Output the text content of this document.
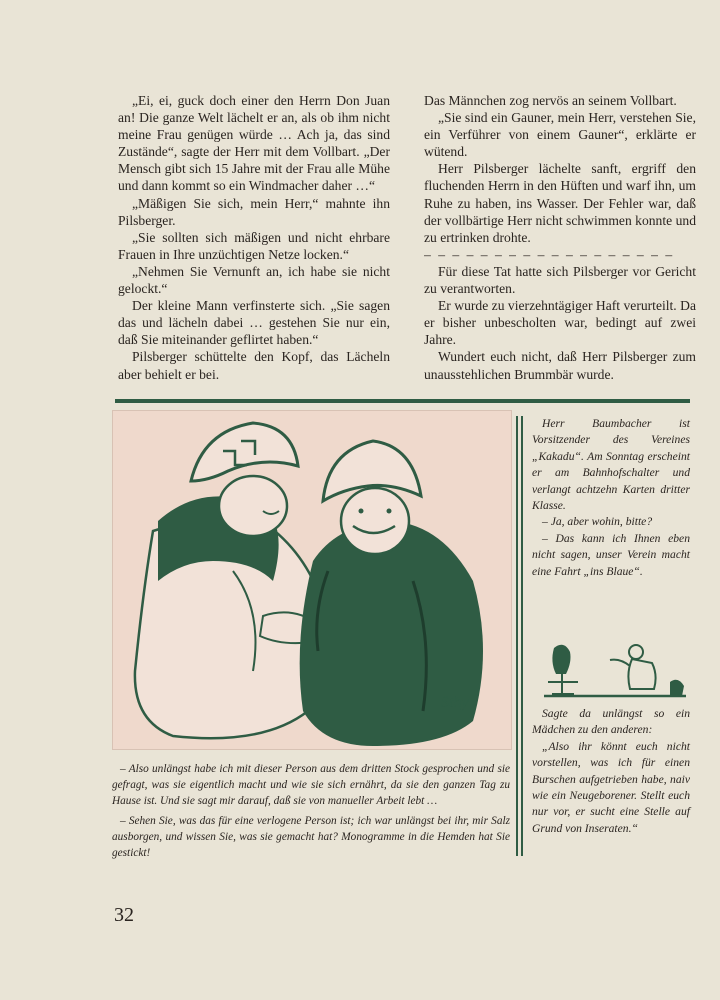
„Ei, ei, guck doch einer den Herrn Don Juan an! Die ganze Welt lächelt er an, als ob ihm nicht meine Frau genügen würde … Ach ja, das sind Zustände“, sagte der Herr mit dem Vollbart. „Der Mensch gibt sich 15 Jahre mit der Frau alle Mühe und dann kommt so ein Windmacher daher …“

„Mäßigen Sie sich, mein Herr,“ mahnte ihn Pilsberger.

„Sie sollten sich mäßigen und nicht ehrbare Frauen in Ihre unzüchtigen Netze locken.“

„Nehmen Sie Vernunft an, ich habe sie nicht gelockt.“

Der kleine Mann verfinsterte sich. „Sie sagen das und lächeln dabei … gestehen Sie nur ein, daß Sie miteinander geflirtet haben.“

Pilsberger schüttelte den Kopf, das Lächeln aber behielt er bei.

Das Männchen zog nervös an seinem Vollbart.

„Sie sind ein Gauner, mein Herr, verstehen Sie, ein Verführer von einem Gauner“, erklärte er wütend.

Herr Pilsberger lächelte sanft, ergriff den fluchenden Herrn in den Hüften und warf ihn, um Ruhe zu haben, ins Wasser. Der Fehler war, daß der vollbärtige Herr nicht schwimmen konnte und zu ertrinken drohte.

– – – – – – – – – – – – – – – – – –

Für diese Tat hatte sich Pilsberger vor Gericht zu verantworten.

Er wurde zu vierzehntägiger Haft verurteilt. Da er bisher unbescholten war, bedingt auf zwei Jahre.

Wundert euch nicht, daß Herr Pilsberger zum unausstehlichen Brummbär wurde.

Sthy

– Also unlängst habe ich mit dieser Person aus dem dritten Stock gesprochen und sie gefragt, was sie eigentlich macht und wie sie sich ernährt, da sie den ganzen Tag zu Hause ist. Und sie sagt mir darauf, daß sie von manueller Arbeit lebt …

– Sehen Sie, was das für eine verlogene Person ist; ich war unlängst bei ihr, mir Salz ausborgen, und wissen Sie, was sie gemacht hat? Monogramme in die Hemden hat Sie gestickt!

Herr Baumbacher ist Vorsitzender des Vereines „Kakadu“. Am Sonntag erscheint er am Bahnhofschalter und verlangt achtzehn Karten dritter Klasse.

– Ja, aber wohin, bitte?

– Das kann ich Ihnen eben nicht sagen, unser Verein macht eine Fahrt „ins Blaue“.

Sagte da unlängst so ein Mädchen zu den anderen:

„Also ihr könnt euch nicht vorstellen, was ich für einen Burschen aufgetrieben habe, naiv wie ein Neugeborener. Stellt euch nur vor, er sucht eine Stelle auf Grund von Inseraten.“

32
